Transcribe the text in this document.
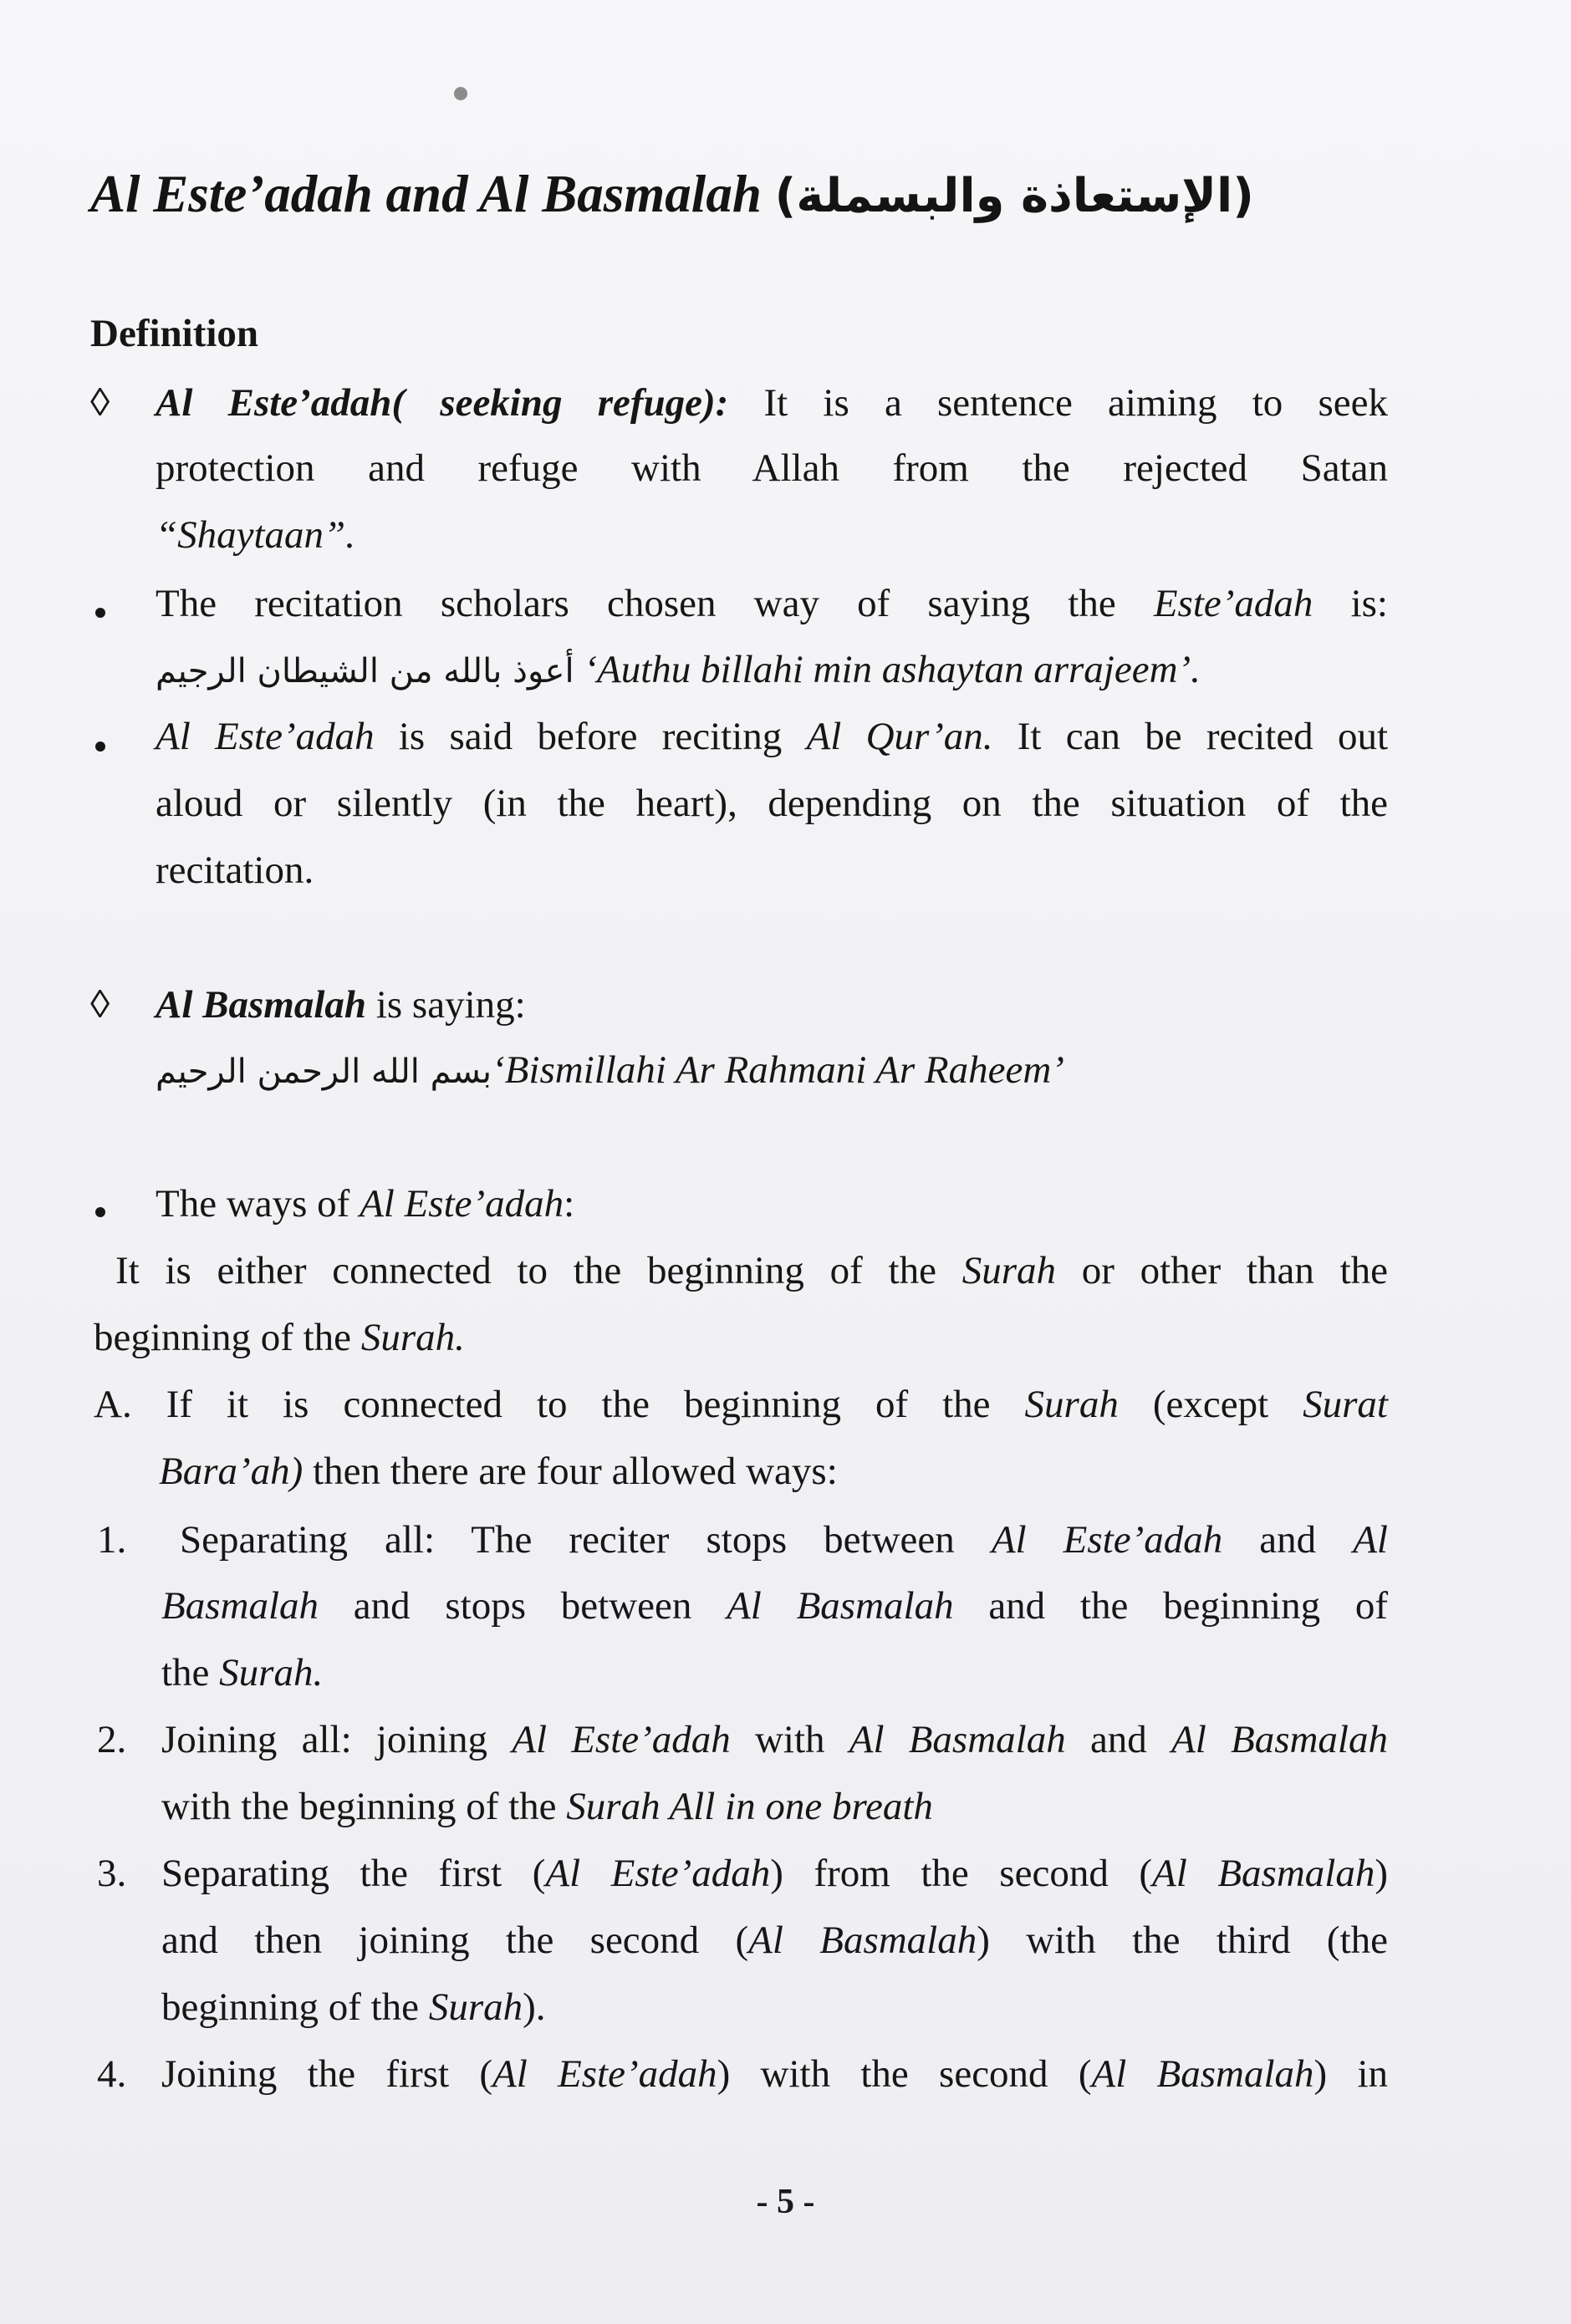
Al Este’adah and Al Basmalah (الإستعاذة والبسملة)
Definition
◊ Al Este’adah( seeking refuge): It is a sentence aiming to seek
protection and refuge with Allah from the rejected Satan
“Shaytaan”.
The recitation scholars chosen way of saying the Este’adah is:
أعوذ بالله من الشيطان الرجيم ‘Authu billahi min ashaytan arrajeem’.
Al Este’adah is said before reciting Al Qur’an. It can be recited out
aloud or silently (in the heart), depending on the situation of the
recitation.
◊ Al Basmalah is saying:
بسم الله الرحمن الرحيم‘Bismillahi Ar Rahmani Ar Raheem’
The ways of Al Este’adah:
It is either connected to the beginning of the Surah or other than the
beginning of the Surah.
A. If it is connected to the beginning of the Surah (except Surat
Bara’ah) then there are four allowed ways:
1. Separating all: The reciter stops between Al Este’adah and Al
Basmalah and stops between Al Basmalah and the beginning of
the Surah.
2. Joining all: joining Al Este’adah with Al Basmalah and Al Basmalah
with the beginning of the Surah All in one breath
3. Separating the first (Al Este’adah) from the second (Al Basmalah)
and then joining the second (Al Basmalah) with the third (the
beginning of the Surah).
4. Joining the first (Al Este’adah) with the second (Al Basmalah) in
- 5 -
